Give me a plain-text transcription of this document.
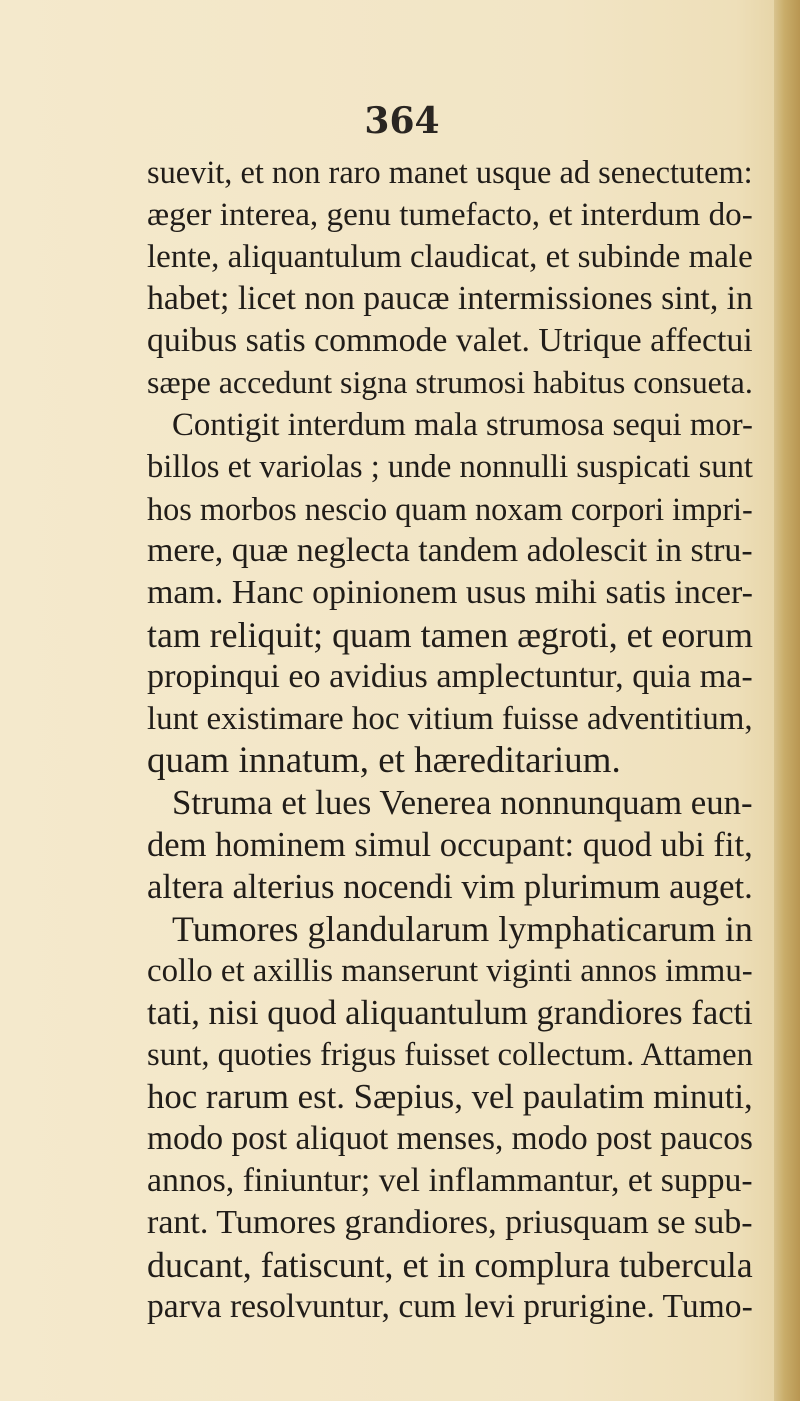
364
suevit, et non raro manet usque ad senectutem:
æger interea, genu tumefacto, et interdum do-
lente, aliquantulum claudicat, et subinde male
habet; licet non paucæ intermissiones sint, in
quibus satis commode valet. Utrique affectui
sæpe accedunt signa strumosi habitus consueta.
Contigit interdum mala strumosa sequi mor-
billos et variolas ; unde nonnulli suspicati sunt
hos morbos nescio quam noxam corpori impri-
mere, quæ neglecta tandem adolescit in stru-
mam. Hanc opinionem usus mihi satis incer-
tam reliquit; quam tamen ægroti, et eorum
propinqui eo avidius amplectuntur, quia ma-
lunt existimare hoc vitium fuisse adventitium,
quam innatum, et hæreditarium.
Struma et lues Venerea nonnunquam eun-
dem hominem simul occupant: quod ubi fit,
altera alterius nocendi vim plurimum auget.
Tumores glandularum lymphaticarum in
collo et axillis manserunt viginti annos immu-
tati, nisi quod aliquantulum grandiores facti
sunt, quoties frigus fuisset collectum. Attamen
hoc rarum est. Sæpius, vel paulatim minuti,
modo post aliquot menses, modo post paucos
annos, finiuntur; vel inflammantur, et suppu-
rant. Tumores grandiores, priusquam se sub-
ducant, fatiscunt, et in complura tubercula
parva resolvuntur, cum levi prurigine. Tumo-
